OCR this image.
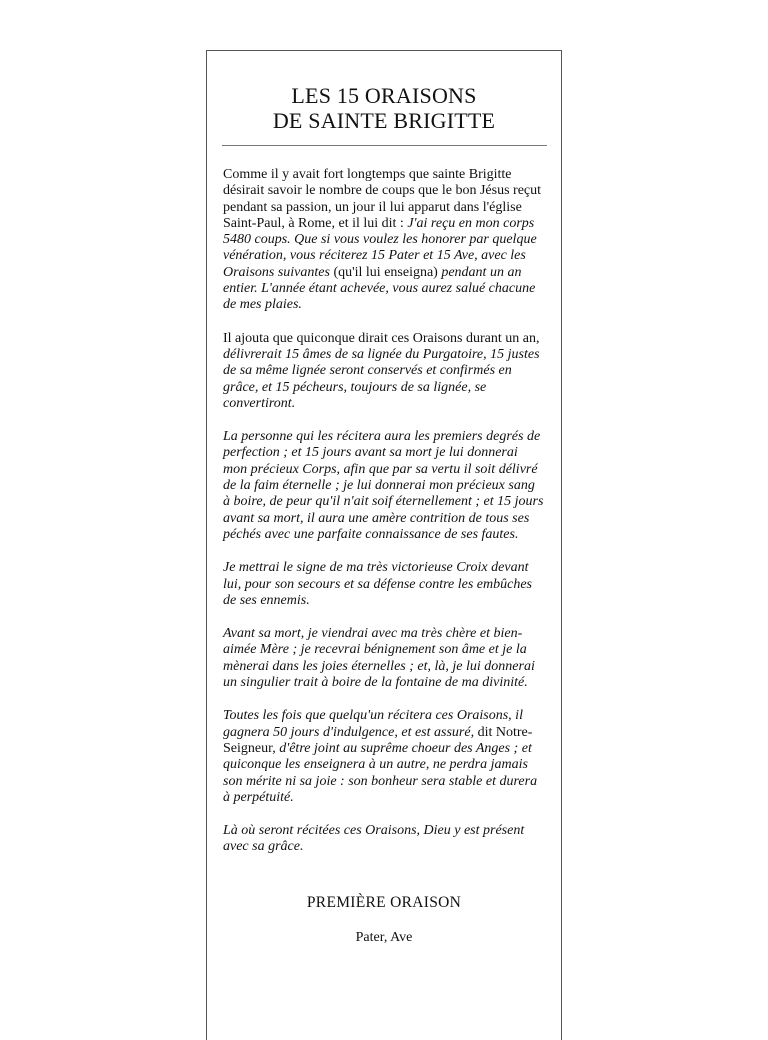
LES 15 ORAISONS
DE SAINTE BRIGITTE

Comme il y avait fort longtemps que sainte Brigitte désirait savoir le nombre de coups que le bon Jésus reçut pendant sa passion, un jour il lui apparut dans l'église Saint-Paul, à Rome, et il lui dit : J'ai reçu en mon corps 5480 coups. Que si vous voulez les honorer par quelque vénération, vous réciterez 15 Pater et 15 Ave, avec les Oraisons suivantes (qu'il lui enseigna) pendant un an entier. L'année étant achevée, vous aurez salué chacune de mes plaies.

Il ajouta que quiconque dirait ces Oraisons durant un an, délivrerait 15 âmes de sa lignée du Purgatoire, 15 justes de sa même lignée seront conservés et confirmés en grâce, et 15 pécheurs, toujours de sa lignée, se convertiront.

La personne qui les récitera aura les premiers degrés de perfection ; et 15 jours avant sa mort je lui donnerai mon précieux Corps, afin que par sa vertu il soit délivré de la faim éternelle ; je lui donnerai mon précieux sang à boire, de peur qu'il n'ait soif éternellement ; et 15 jours avant sa mort, il aura une amère contrition de tous ses péchés avec une parfaite connaissance de ses fautes.

Je mettrai le signe de ma très victorieuse Croix devant lui, pour son secours et sa défense contre les embûches de ses ennemis.

Avant sa mort, je viendrai avec ma très chère et bien-aimée Mère ; je recevrai bénignement son âme et je la mènerai dans les joies éternelles ; et, là, je lui donnerai un singulier trait à boire de la fontaine de ma divinité.

Toutes les fois que quelqu'un récitera ces Oraisons, il gagnera 50 jours d'indulgence, et est assuré, dit Notre-Seigneur, d'être joint au suprême choeur des Anges ; et quiconque les enseignera à un autre, ne perdra jamais son mérite ni sa joie : son bonheur sera stable et durera à perpétuité.

Là où seront récitées ces Oraisons, Dieu y est présent avec sa grâce.

PREMIÈRE ORAISON
Pater, Ave
